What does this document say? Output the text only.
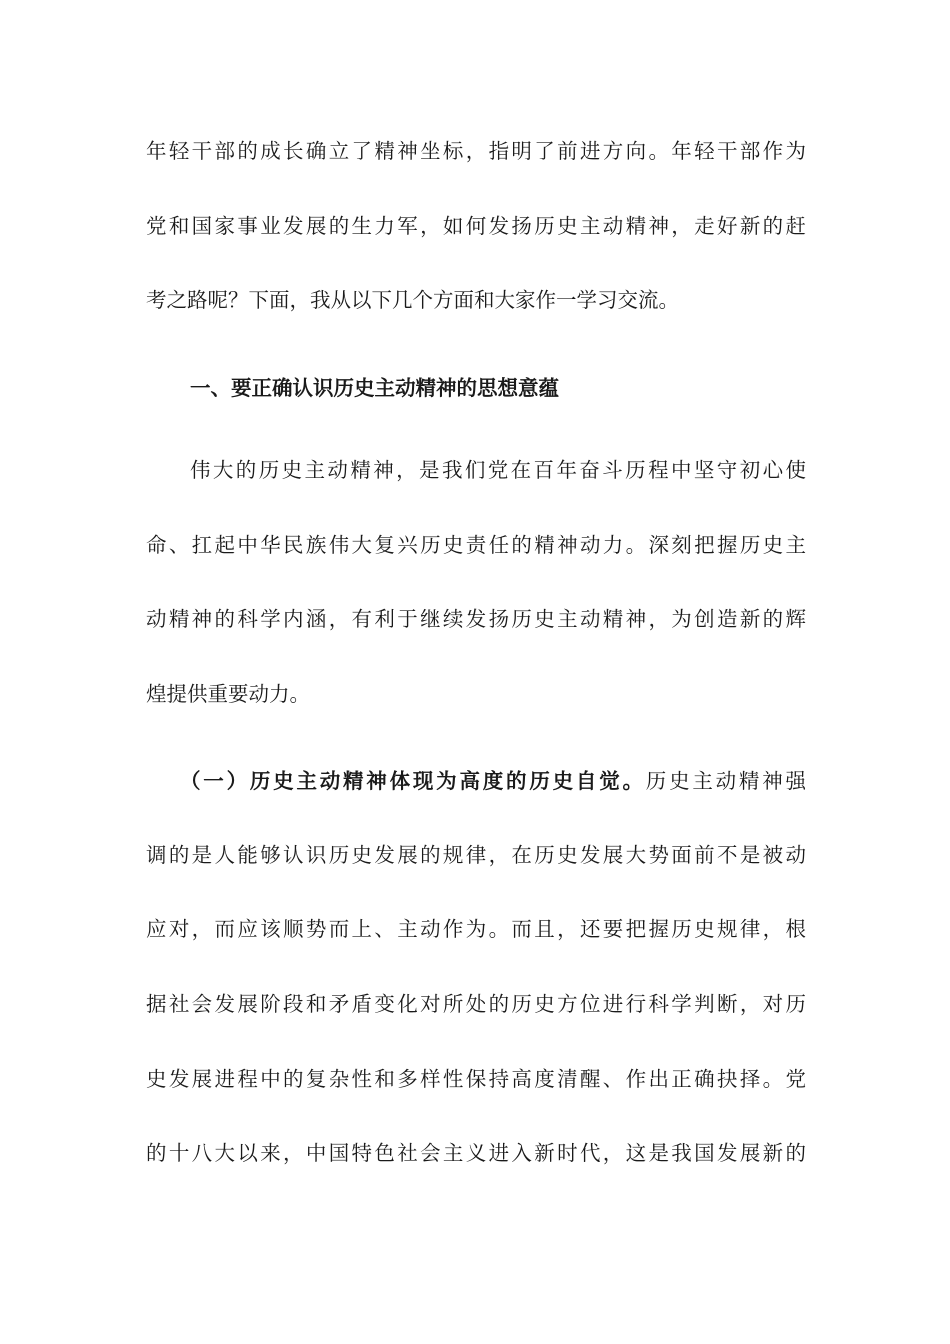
年轻干部的成长确立了精神坐标，指明了前进方向。年轻干部作为
党和国家事业发展的生力军，如何发扬历史主动精神，走好新的赶
考之路呢？下面，我从以下几个方面和大家作一学习交流。
一、要正确认识历史主动精神的思想意蕴
伟大的历史主动精神，是我们党在百年奋斗历程中坚守初心使
命、扛起中华民族伟大复兴历史责任的精神动力。深刻把握历史主
动精神的科学内涵，有利于继续发扬历史主动精神，为创造新的辉
煌提供重要动力。
（一）历史主动精神体现为高度的历史自觉。历史主动精神强
调的是人能够认识历史发展的规律，在历史发展大势面前不是被动
应对，而应该顺势而上、主动作为。而且，还要把握历史规律，根
据社会发展阶段和矛盾变化对所处的历史方位进行科学判断，对历
史发展进程中的复杂性和多样性保持高度清醒、作出正确抉择。党
的十八大以来，中国特色社会主义进入新时代，这是我国发展新的
